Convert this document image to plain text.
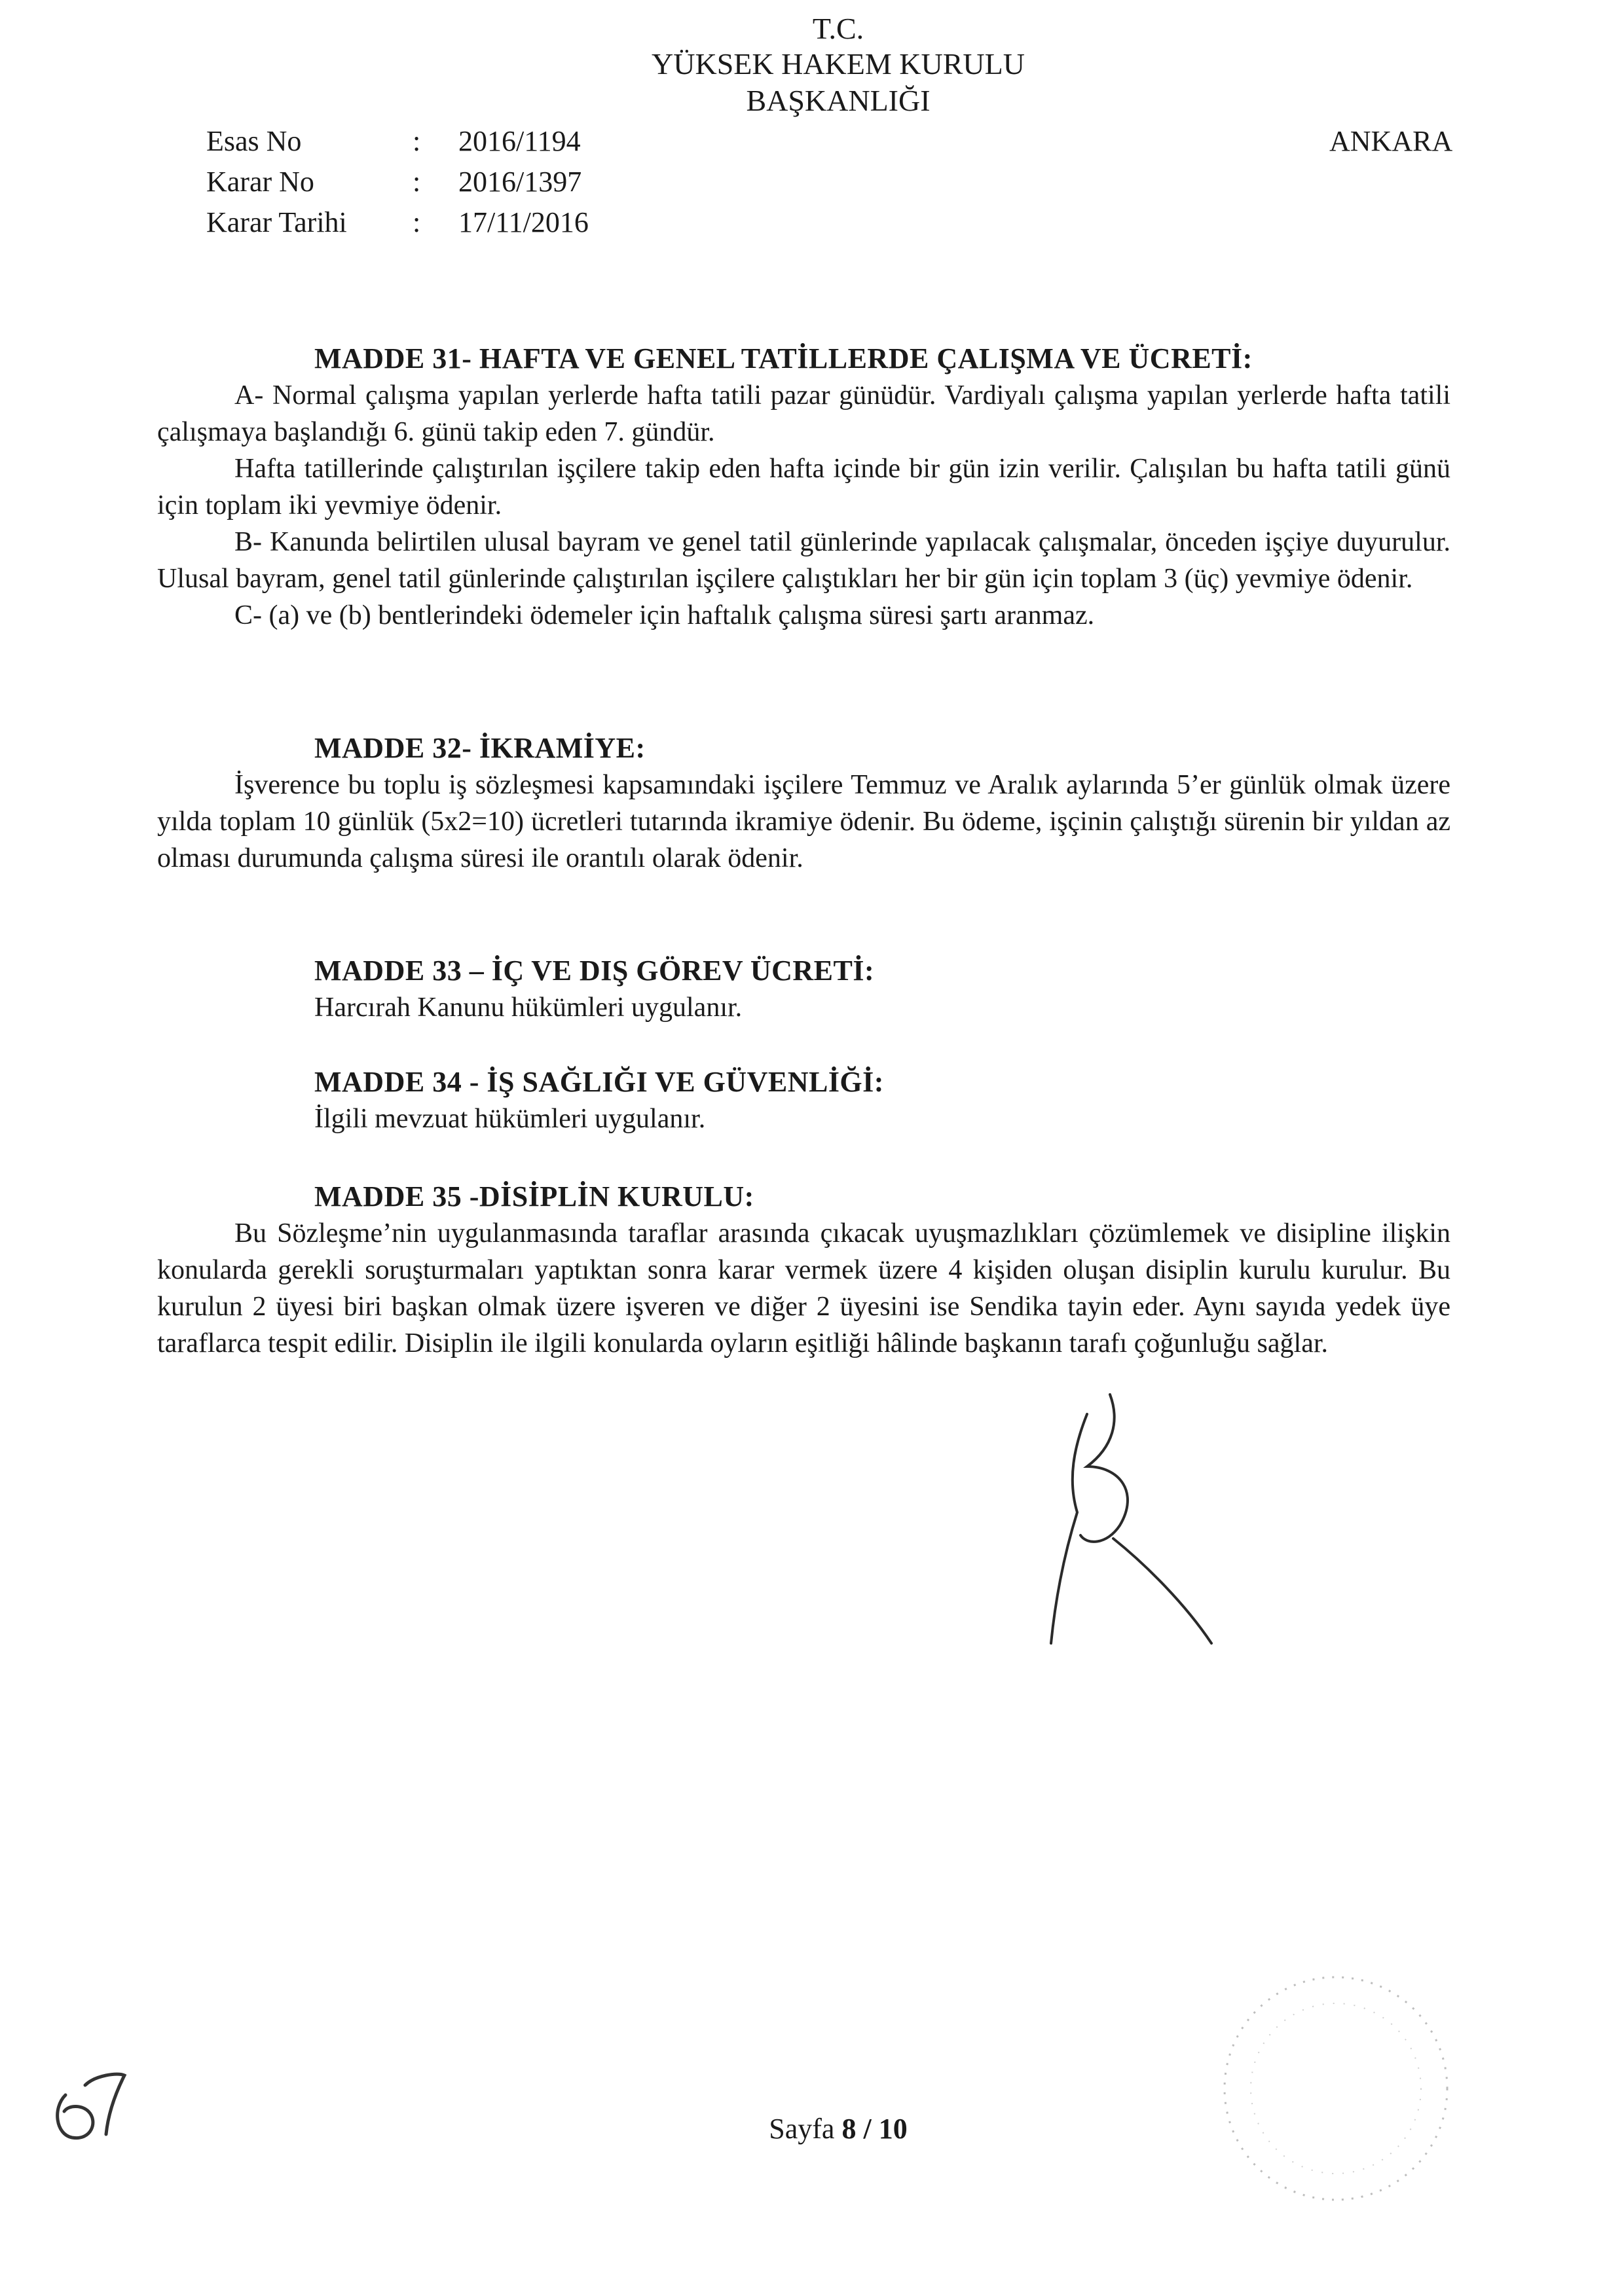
T.C.
YÜKSEK HAKEM KURULU
BAŞKANLIĞI
Esas No	:	2016/1194
Karar No	:	2016/1397
Karar Tarihi	:	17/11/2016
ANKARA

MADDE 31- HAFTA VE GENEL TATİLLERDE ÇALIŞMA VE ÜCRETİ:

A- Normal çalışma yapılan yerlerde hafta tatili pazar günüdür. Vardiyalı çalışma yapılan yerlerde hafta tatili çalışmaya başlandığı 6. günü takip eden 7. gündür.

Hafta tatillerinde çalıştırılan işçilere takip eden hafta içinde bir gün izin verilir. Çalışılan bu hafta tatili günü için toplam iki yevmiye ödenir.

B- Kanunda belirtilen ulusal bayram ve genel tatil günlerinde yapılacak çalışmalar, önceden işçiye duyurulur. Ulusal bayram, genel tatil günlerinde çalıştırılan işçilere çalıştıkları her bir gün için toplam 3 (üç) yevmiye ödenir.

C- (a) ve (b) bentlerindeki ödemeler için haftalık çalışma süresi şartı aranmaz.

MADDE 32- İKRAMİYE:

İşverence bu toplu iş sözleşmesi kapsamındaki işçilere Temmuz ve Aralık aylarında 5’er günlük olmak üzere yılda toplam 10 günlük (5x2=10) ücretleri tutarında ikramiye ödenir. Bu ödeme, işçinin çalıştığı sürenin bir yıldan az olması durumunda çalışma süresi ile orantılı olarak ödenir.

MADDE 33 – İÇ VE DIŞ GÖREV ÜCRETİ:

Harcırah Kanunu hükümleri uygulanır.

MADDE 34 - İŞ SAĞLIĞI VE GÜVENLİĞİ:

İlgili mevzuat hükümleri uygulanır.

MADDE 35 -DİSİPLİN KURULU:

Bu Sözleşme’nin uygulanmasında taraflar arasında çıkacak uyuşmazlıkları çözümlemek ve disipline ilişkin konularda gerekli soruşturmaları yaptıktan sonra karar vermek üzere 4 kişiden oluşan disiplin kurulu kurulur. Bu kurulun 2 üyesi biri başkan olmak üzere işveren ve diğer 2 üyesini ise Sendika tayin eder. Aynı sayıda yedek üye taraflarca tespit edilir. Disiplin ile ilgili konularda oyların eşitliği hâlinde başkanın tarafı çoğunluğu sağlar.

Sayfa 8 / 10
